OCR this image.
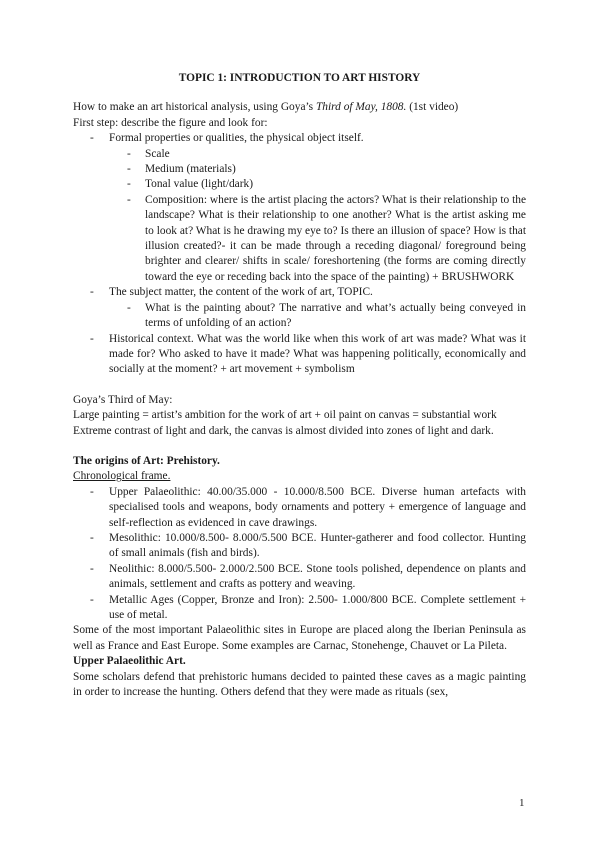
TOPIC 1: INTRODUCTION TO ART HISTORY

How to make an art historical analysis, using Goya’s Third of May, 1808. (1st video)

First step: describe the figure and look for:

- Formal properties or qualities, the physical object itself.
- Scale
- Medium (materials)
- Tonal value (light/dark)
- Composition: where is the artist placing the actors? What is their relationship to the landscape? What is their relationship to one another? What is the artist asking me to look at? What is he drawing my eye to? Is there an illusion of space? How is that illusion created?- it can be made through a receding diagonal/ foreground being brighter and clearer/ shifts in scale/ foreshortening (the forms are coming directly toward the eye or receding back into the space of the painting) + BRUSHWORK
- The subject matter, the content of the work of art, TOPIC.
- What is the painting about? The narrative and what’s actually being conveyed in terms of unfolding of an action?
- Historical context. What was the world like when this work of art was made? What was it made for? Who asked to have it made? What was happening politically, economically and socially at the moment? + art movement + symbolism

Goya’s Third of May:

Large painting = artist’s ambition for the work of art + oil paint on canvas = substantial work

Extreme contrast of light and dark, the canvas is almost divided into zones of light and dark.

The origins of Art: Prehistory.

Chronological frame.

- Upper Palaeolithic: 40.00/35.000 - 10.000/8.500 BCE. Diverse human artefacts with specialised tools and weapons, body ornaments and pottery + emergence of language and self-reflection as evidenced in cave drawings.
- Mesolithic: 10.000/8.500- 8.000/5.500 BCE. Hunter-gatherer and food collector. Hunting of small animals (fish and birds).
- Neolithic: 8.000/5.500- 2.000/2.500 BCE. Stone tools polished, dependence on plants and animals, settlement and crafts as pottery and weaving.
- Metallic Ages (Copper, Bronze and Iron): 2.500- 1.000/800 BCE. Complete settlement + use of metal.

Some of the most important Palaeolithic sites in Europe are placed along the Iberian Peninsula as well as France and East Europe. Some examples are Carnac, Stonehenge, Chauvet or La Pileta.

Upper Palaeolithic Art.

Some scholars defend that prehistoric humans decided to painted these caves as a magic painting in order to increase the hunting. Others defend that they were made as rituals (sex,

1
